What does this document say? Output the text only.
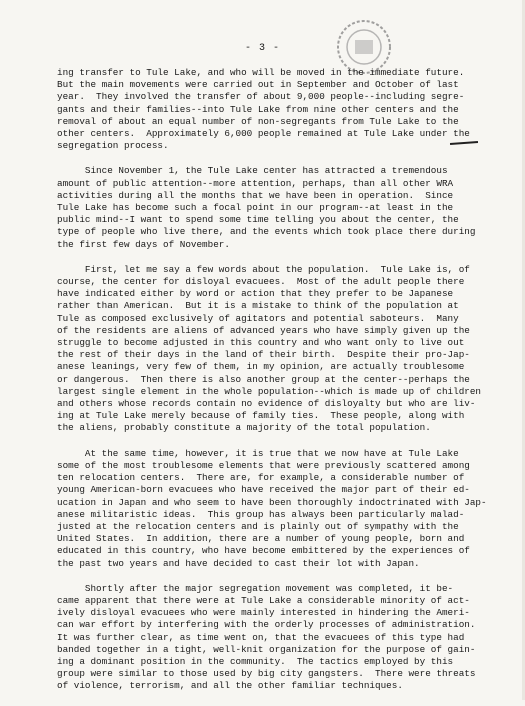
- 3 -

ing transfer to Tule Lake, and who will be moved in the immediate future.

But the main movements were carried out in September and October of last

year.  They involved the transfer of about 9,000 people--including segre-

gants and their families--into Tule Lake from nine other centers and the

removal of about an equal number of non-segregants from Tule Lake to the

other centers.  Approximately 6,000 people remained at Tule Lake under the

segregation process.

Since November 1, the Tule Lake center has attracted a tremendous

amount of public attention--more attention, perhaps, than all other WRA

activities during all the months that we have been in operation.  Since

Tule Lake has become such a focal point in our program--at least in the

public mind--I want to spend some time telling you about the center, the

type of people who live there, and the events which took place there during

the first few days of November.

First, let me say a few words about the population.  Tule Lake is, of

course, the center for disloyal evacuees.  Most of the adult people there

have indicated either by word or action that they prefer to be Japanese

rather than American.  But it is a mistake to think of the population at

Tule as composed exclusively of agitators and potential saboteurs.  Many

of the residents are aliens of advanced years who have simply given up the

struggle to become adjusted in this country and who want only to live out

the rest of their days in the land of their birth.  Despite their pro-Jap-

anese leanings, very few of them, in my opinion, are actually troublesome

or dangerous.  Then there is also another group at the center--perhaps the

largest single element in the whole population--which is made up of children

and others whose records contain no evidence of disloyalty but who are liv-

ing at Tule Lake merely because of family ties.  These people, along with

the aliens, probably constitute a majority of the total population.

At the same time, however, it is true that we now have at Tule Lake

some of the most troublesome elements that were previously scattered among

ten relocation centers.  There are, for example, a considerable number of

young American-born evacuees who have received the major part of their ed-

ucation in Japan and who seem to have been thoroughly indoctrinated with Jap-

anese militaristic ideas.  This group has always been particularly malad-

justed at the relocation centers and is plainly out of sympathy with the

United States.  In addition, there are a number of young people, born and

educated in this country, who have become embittered by the experiences of

the past two years and have decided to cast their lot with Japan.

Shortly after the major segregation movement was completed, it be-

came apparent that there were at Tule Lake a considerable minority of act-

ively disloyal evacuees who were mainly interested in hindering the Ameri-

can war effort by interfering with the orderly processes of administration.

It was further clear, as time went on, that the evacuees of this type had

banded together in a tight, well-knit organization for the purpose of gain-

ing a dominant position in the community.  The tactics employed by this

group were similar to those used by big city gangsters.  There were threats

of violence, terrorism, and all the other familiar techniques.
